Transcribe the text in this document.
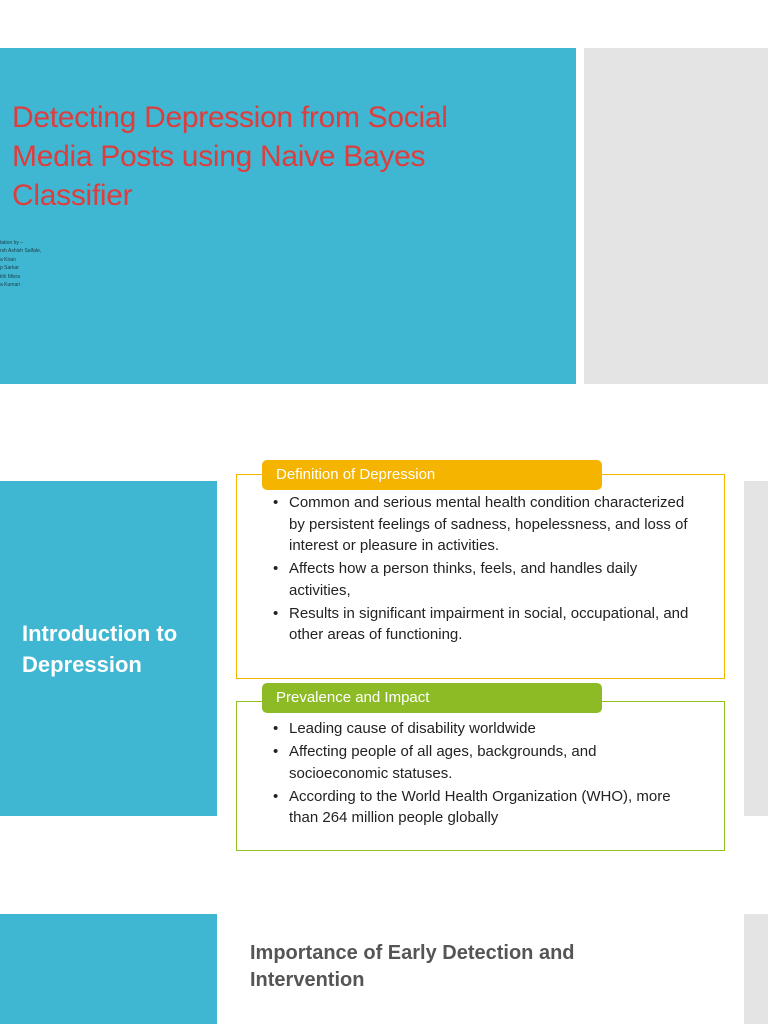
Detecting Depression from Social Media Posts using Naive Bayes Classifier
tation by –
rsh Ashish Salfale,
a Kiran
p Sarkar
khi Misra
a Kumari
Introduction to Depression
Definition of Depression
• Common and serious mental health condition characterized by persistent feelings of sadness, hopelessness, and loss of interest or pleasure in activities.
• Affects how a person thinks, feels, and handles daily activities,
• Results in significant impairment in social, occupational, and other areas of functioning.
Prevalence and Impact
• Leading cause of disability worldwide
• Affecting people of all ages, backgrounds, and socioeconomic statuses.
• According to the World Health Organization (WHO), more than 264 million people globally
Importance of Early Detection and Intervention
